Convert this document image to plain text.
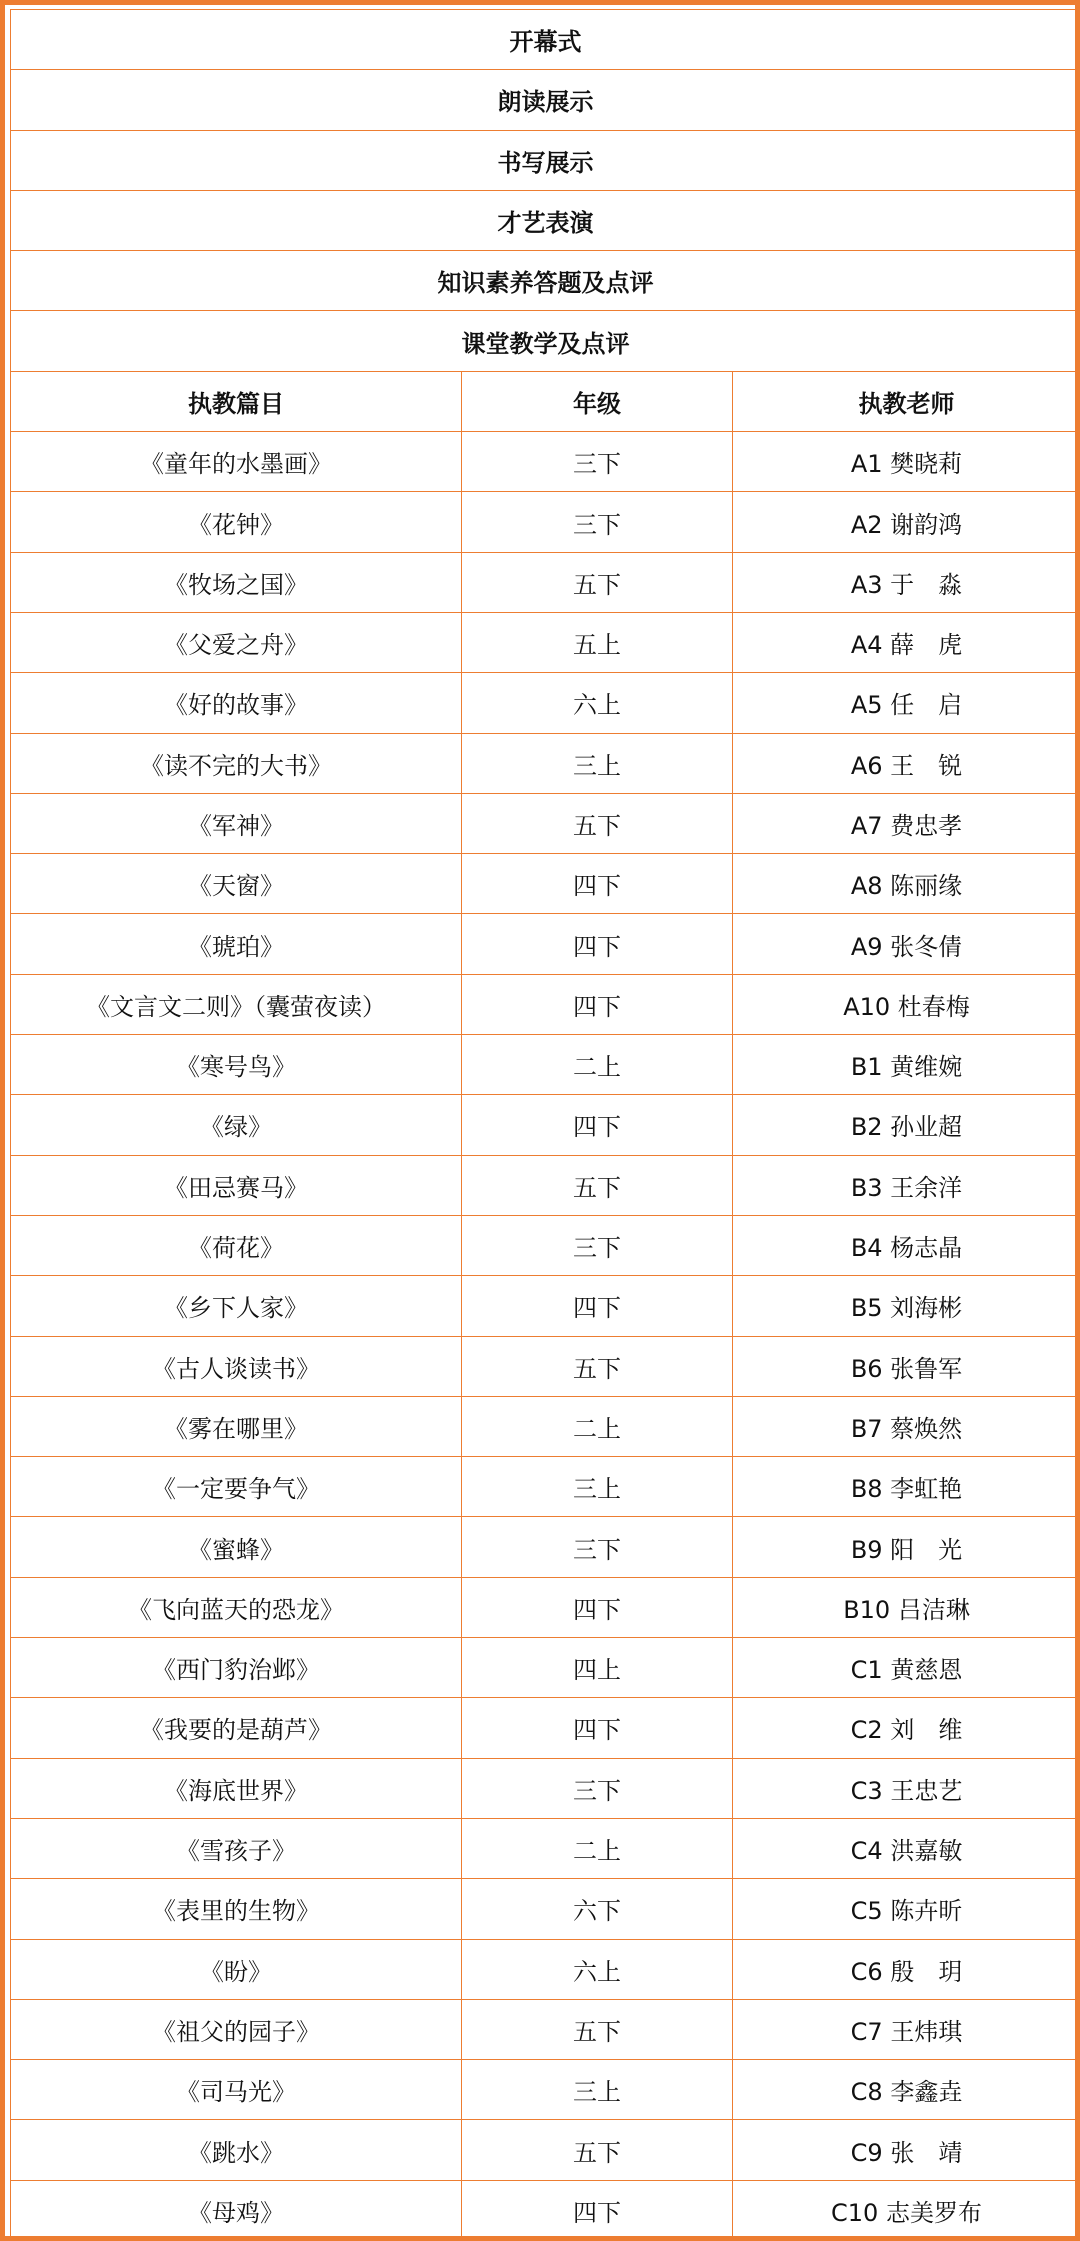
开幕式		
朗读展示		
书写展示		
才艺表演		
知识素养答题及点评		
课堂教学及点评		
执教篇目	年级	执教老师
《童年的水墨画》	三下	A1 樊晓莉
《花钟》	三下	A2 谢韵鸿
《牧场之国》	五下	A3 于　淼
《父爱之舟》	五上	A4 薛　虎
《好的故事》	六上	A5 任　启
《读不完的大书》	三上	A6 王　锐
《军神》	五下	A7 费忠孝
《天窗》	四下	A8 陈丽缘
《琥珀》	四下	A9 张冬倩
《文言文二则》（囊萤夜读）	四下	A10 杜春梅
《寒号鸟》	二上	B1 黄维婉
《绿》	四下	B2 孙业超
《田忌赛马》	五下	B3 王余洋
《荷花》	三下	B4 杨志晶
《乡下人家》	四下	B5 刘海彬
《古人谈读书》	五下	B6 张鲁军
《雾在哪里》	二上	B7 蔡焕然
《一定要争气》	三上	B8 李虹艳
《蜜蜂》	三下	B9 阳　光
《飞向蓝天的恐龙》	四下	B10 吕洁琳
《西门豹治邺》	四上	C1 黄慈恩
《我要的是葫芦》	四下	C2 刘　维
《海底世界》	三下	C3 王忠艺
《雪孩子》	二上	C4 洪嘉敏
《表里的生物》	六下	C5 陈卉昕
《盼》	六上	C6 殷　玥
《祖父的园子》	五下	C7 王炜琪
《司马光》	三上	C8 李鑫垚
《跳水》	五下	C9 张　靖
《母鸡》	四下	C10 志美罗布
